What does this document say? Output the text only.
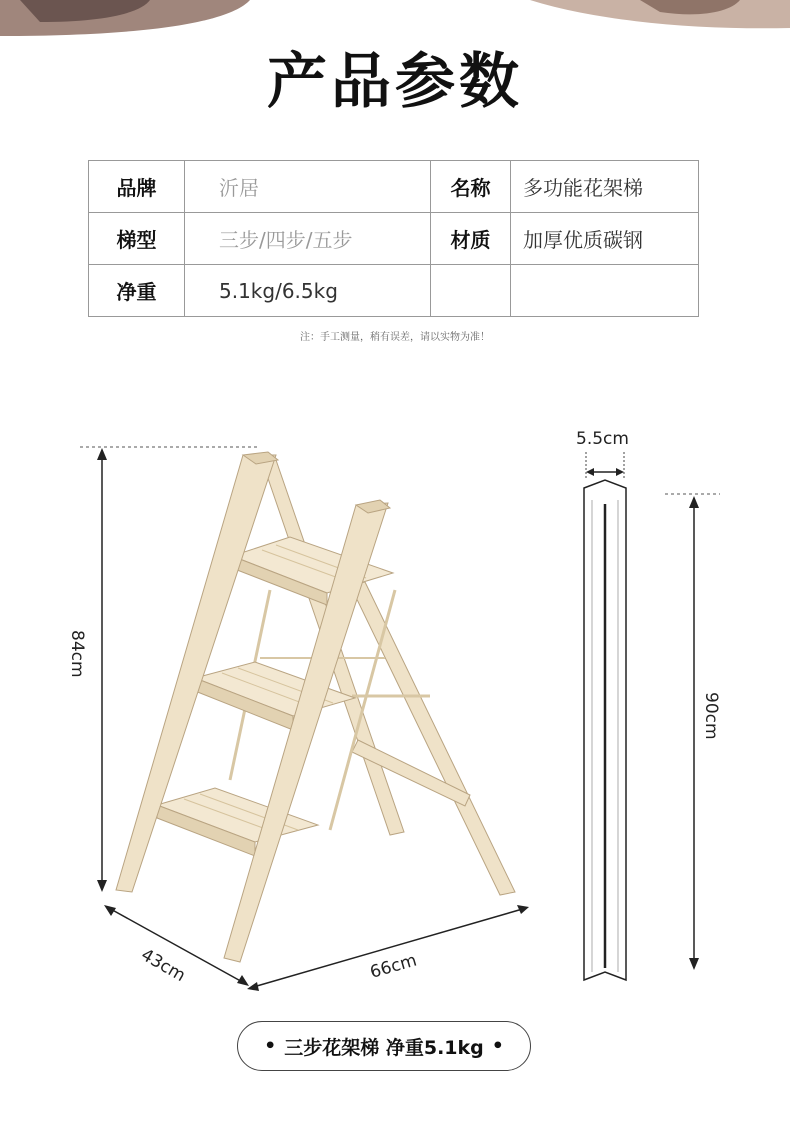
产品参数
品牌	沂居	名称	多功能花架梯
梯型	三步/四步/五步	材质	加厚优质碳钢
净重	5.1kg/6.5kg		
注：手工测量，稍有误差，请以实物为准！
84cm
43cm	66cm
5.5cm
90cm
• 三步花架梯 净重5.1kg •
